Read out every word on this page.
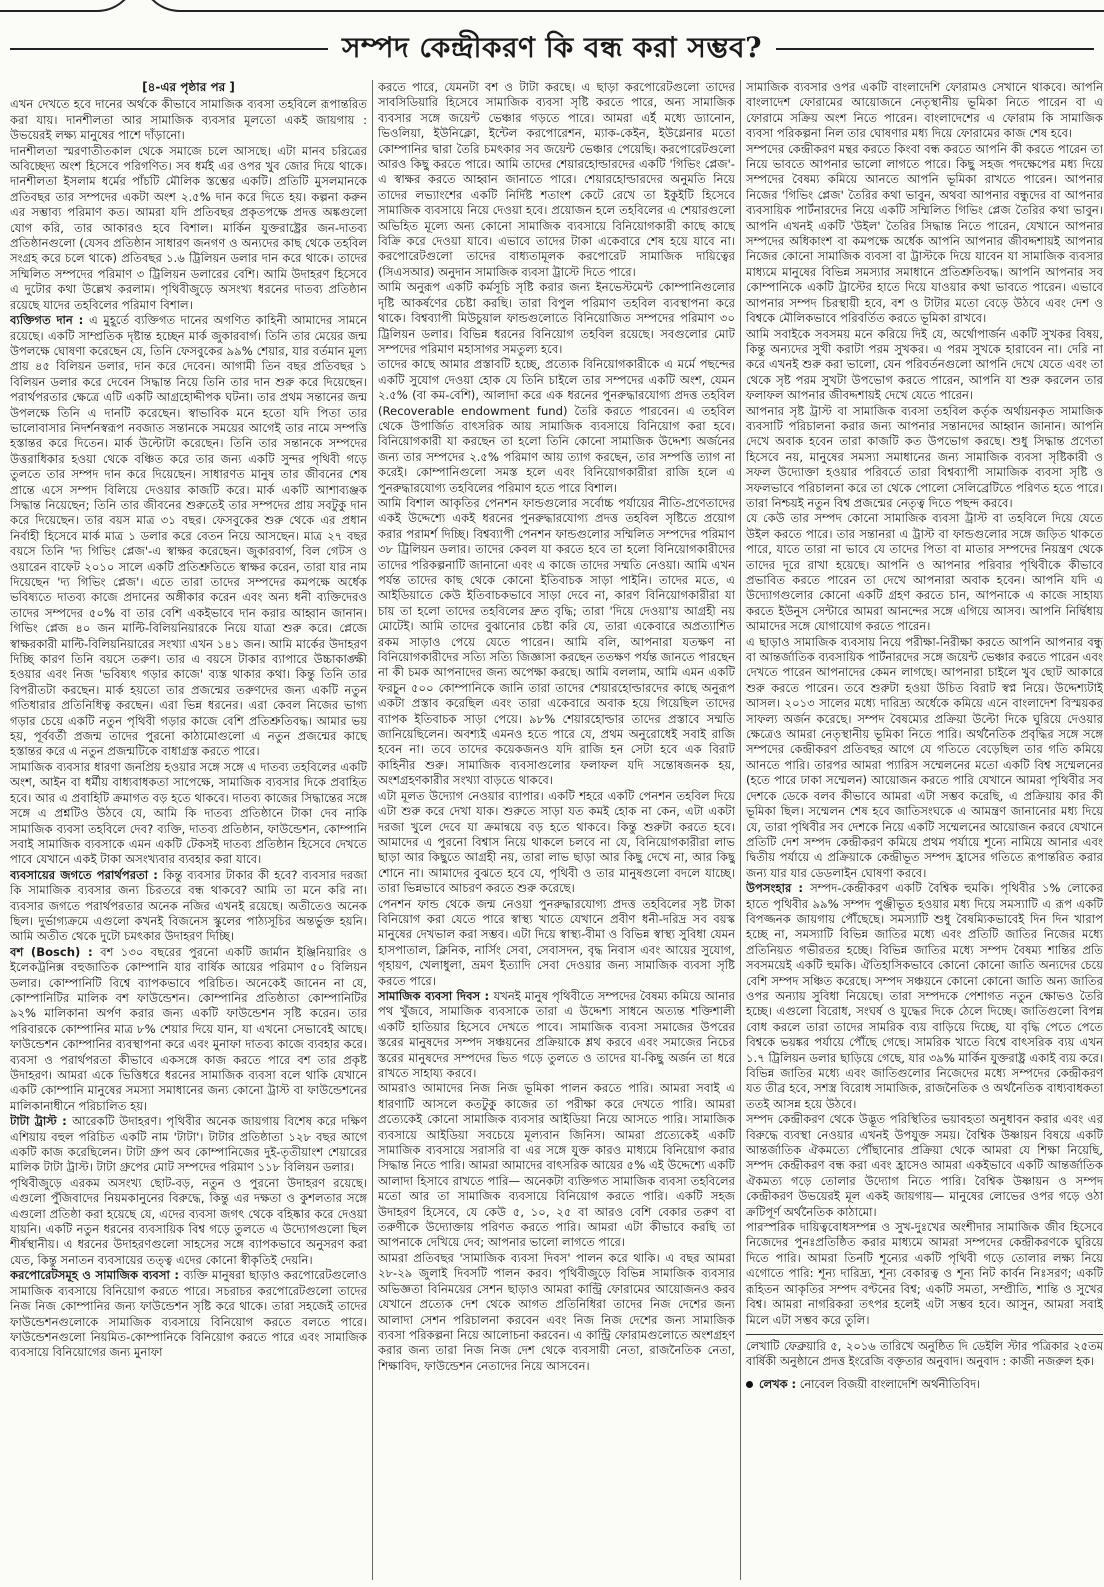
সম্পদ কেন্দ্রীকরণ কি বন্ধ করা সম্ভব?
[৪-এর পৃষ্ঠার পর ]

এখন দেখতে হবে দানের অর্থকে কীভাবে সামাজিক ব্যবসা তহবিলে রূপান্তরিত করা যায়। দানশীলতা আর সামাজিক ব্যবসার মূলতো একই জায়গায় : উভয়েরই লক্ষ্য মানুষের পাশে দাঁড়ানো।

দানশীলতা স্মরণাতীতকাল থেকে সমাজে চলে আসছে। এটা মানব চরিত্রের অবিচ্ছেদ্য অংশ হিসেবে পরিগণিত। সব ধর্মই এর ওপর খুব জোর দিয়ে থাকে। দানশীলতা ইসলাম ধর্মের পাঁচটি মৌলিক স্তম্ভের একটি। প্রতিটি মুসলমানকে প্রতিবছর তার সম্পদের একটা অংশ ২.৫% দান করে দিতে হয়। কল্পনা করুন এর সম্ভাব্য পরিমাণ কত। আমরা যদি প্রতিবছর প্রকৃতপক্ষে প্রদত্ত অঙ্কগুলো যোগ করি, তার আকারও হবে বিশাল। মার্কিন যুক্তরাষ্ট্রের জন-দাতব্য প্রতিষ্ঠানগুলো (যেসব প্রতিষ্ঠান সাধারণ জনগণ ও অন্যদের কাছ থেকে তহবিল সংগ্রহ করে চলে থাকে) প্রতিবছর ১.৬ ট্রিলিয়ন ডলার দান করে থাকে। তাদের সম্মিলিত সম্পদের পরিমাণ ৩ ট্রিলিয়ন ডলারের বেশি। আমি উদাহরণ হিসেবে এ দুটোর কথা উল্লেখ করলাম। পৃথিবীজুড়ে অসংখ্য ধরনের দাতব্য প্রতিষ্ঠান রয়েছে যাদের তহবিলের পরিমাণ বিশাল।

ব্যক্তিগত দান : এ মুহূর্তে ব্যক্তিগত দানের অগণিত কাহিনী আমাদের সামনে রয়েছে। একটি সাম্প্রতিক দৃষ্টান্ত হচ্ছেন মার্ক জুকারবার্গ। তিনি তার মেয়ের জন্ম উপলক্ষে ঘোষণা করেছেন যে, তিনি ফেসবুকের ৯৯% শেয়ার, যার বর্তমান মূল্য প্রায় ৪৫ বিলিয়ন ডলার, দান করে দেবেন। আগামী তিন বছর প্রতিবছর ১ বিলিয়ন ডলার করে দেবেন সিদ্ধান্ত নিয়ে তিনি তার দান শুরু করে দিয়েছেন। পরার্থপরতার ক্ষেত্রে এটি একটি আগ্রহোদ্দীপক ঘটনা। তার প্রথম সন্তানের জন্ম উপলক্ষে তিনি এ দানটি করেছেন। স্বাভাবিক মনে হতো যদি পিতা তার ভালোবাসার নিদর্শনস্বরূপ নবজাত সন্তানকে সময়ের আগেই তার নামে সম্পত্তি হস্তান্তর করে দিতেন। মার্ক উল্টোটা করেছেন। তিনি তার সন্তানকে সম্পদের উত্তরাধিকার হওয়া থেকে বঞ্চিত করে তার জন্য একটি সুন্দর পৃথিবী গড়ে তুলতে তার সম্পদ দান করে দিয়েছেন। সাধারণত মানুষ তার জীবনের শেষ প্রান্তে এসে সম্পদ বিলিয়ে দেওয়ার কাজটি করে। মার্ক একটি আশাব্যঞ্জক সিদ্ধান্ত নিয়েছেন; তিনি তার জীবনের শুরুতেই তার সম্পদের প্রায় সবটুকু দান করে দিয়েছেন। তার বয়স মাত্র ৩১ বছর। ফেসবুকের শুরু থেকে এর প্রধান নির্বাহী হিসেবে মার্ক মাত্র ১ ডলার করে বেতন নিয়ে আসছেন। মাত্র ২৭ বছর বয়সে তিনি 'দ্য গিভিং প্লেজ'-এ স্বাক্ষর করেছেন। জুকারবার্গ, বিল গেটস ও ওয়ারেন বাফেট ২০১০ সালে একটি প্রতিশ্রুতিতে স্বাক্ষর করেন, তারা যার নাম দিয়েছেন 'দ্য গিভিং প্লেজ'। এতে তারা তাদের সম্পদের কমপক্ষে অর্ধেক ভবিষ্যতে দাতব্য কাজে প্রদানের অঙ্গীকার করেন এবং অন্য ধনী ব্যক্তিদেরও তাদের সম্পদের ৫০% বা তার বেশি একইভাবে দান করার আহ্বান জানান। গিভিং প্লেজ ৪০ জন মাল্টি-বিলিয়নিয়ারকে নিয়ে যাত্রা শুরু করে। প্লেজে স্বাক্ষরকারী মাল্টি-বিলিয়নিয়ারের সংখ্যা এখন ১৪১ জন। আমি মার্কের উদাহরণ দিচ্ছি কারণ তিনি বয়সে তরুণ। তার এ বয়সে টাকার ব্যাপারে উচ্চাকাঙ্ক্ষী হওয়ার এবং নিজ 'ভবিষ্যৎ গড়ার কাজে' ব্যস্ত থাকার কথা। কিন্তু তিনি তার বিপরীতটা করছেন। মার্ক হয়তো তার প্রজন্মের তরুণদের জন্য একটি নতুন গতিধারার প্রতিনিধিত্ব করছেন। এরা ভিন্ন ধরনের। এরা কেবল নিজের ভাগ্য গড়ার চেয়ে একটি নতুন পৃথিবী গড়ার কাজে বেশি প্রতিশ্রুতিবদ্ধ। আমার ভয় হয়, পূর্ববর্তী প্রজন্ম তাদের পুরনো কাঠামোগুলো এ নতুন প্রজন্মের কাছে হস্তান্তর করে এ নতুন প্রজন্মটিকে বাধাগ্রস্ত করতে পারে।

সামাজিক ব্যবসার ধারণা জনপ্রিয় হওয়ার সঙ্গে সঙ্গে এ দাতব্য তহবিলের একটি অংশ, আইন বা ধর্মীয় বাধ্যবাধকতা সাপেক্ষে, সামাজিক ব্যবসার দিকে প্রবাহিত হবে। আর এ প্রবাহিটি ক্রমাগত বড় হতে থাকবে। দাতব্য কাজের সিদ্ধান্তের সঙ্গে সঙ্গে এ প্রশ্নটিও উঠবে যে, আমি কি দাতব্য প্রতিষ্ঠানে টাকা দেব নাকি সামাজিক ব্যবসা তহবিলে দেব? ব্যক্তি, দাতব্য প্রতিষ্ঠান, ফাউন্ডেশন, কোম্পানি সবাই সামাজিক ব্যবসাকে এমন একটি টেকসই দাতব্য প্রতিষ্ঠান হিসেবে দেখতে পাবে যেখানে একই টাকা অসংখ্যবার ব্যবহার করা যাবে।

ব্যবসায়ের জগতে পরার্থপরতা : কিন্তু ব্যবসার টাকার কী হবে? ব্যবসার দরজা কি সামাজিক ব্যবসার জন্য চিরতরে বন্ধ থাকবে? আমি তা মনে করি না। ব্যবসার জগতে পরার্থপরতার অনেক নজির এখনই রয়েছে। অতীতেও অনেক ছিল। দুর্ভাগ্যক্রমে এগুলো কখনই বিজনেস স্কুলের পাঠ্যসূচির অন্তর্ভুক্ত হয়নি। আমি অতীত থেকে দুটো চমৎকার উদাহরণ দিচ্ছি।

বশ (Bosch) : বশ ১৩০ বছরের পুরনো একটি জার্মান ইঞ্জিনিয়ারিং ও ইলেকট্রনিক্স বহুজাতিক কোম্পানি যার বার্ষিক আয়ের পরিমাণ ৫০ বিলিয়ন ডলার। কোম্পানিটি বিশ্বে ব্যাপকভাবে পরিচিত। অনেকেই জানেন না যে, কোম্পানিটির মালিক বশ ফাউন্ডেশন। কোম্পানির প্রতিষ্ঠাতা কোম্পানিটির ৯২% মালিকানা অর্পণ করার জন্য একটি ফাউন্ডেশন সৃষ্টি করেন। তার পরিবারকে কোম্পানির মাত্র ৮% শেয়ার দিয়ে যান, যা এখনো সেভাবেই আছে। ফাউন্ডেশন কোম্পানির ব্যবস্থাপনা করে এবং মুনাফা দাতব্য কাজে ব্যবহার করে। ব্যবসা ও পরার্থপরতা কীভাবে একসঙ্গে কাজ করতে পারে বশ তার প্রকৃষ্ট উদাহরণ। আমরা একে ভিত্তিধরে ধরনের সামাজিক ব্যবসা বলে থাকি যেখানে একটি কোম্পানি মানুষের সমস্যা সমাধানের জন্য কোনো ট্রাস্ট বা ফাউন্ডেশনের মালিকানাধীনে পরিচালিত হয়।

টাটা ট্রাস্ট : আরেকটি উদাহরণ। পৃথিবীর অনেক জায়গায় বিশেষ করে দক্ষিণ এশিয়ায় বহুল পরিচিত একটি নাম 'টাটা'। টাটার প্রতিষ্ঠাতা ১২৮ বছর আগে একটি কাজ করেছিলেন। টাটা গ্রুপ অব কোম্পানিজের দুই-তৃতীয়াংশ শেয়ারের মালিক টাটা ট্রাস্ট। টাটা গ্রুপের মোট সম্পদের পরিমাণ ১১৮ বিলিয়ন ডলার।

পৃথিবীজুড়ে এরকম অসংখ্য ছোট-বড়, নতুন ও পুরনো উদাহরণ রয়েছে। এগুলো পুঁজিবাদের নিয়মকানুনের বিরুদ্ধে, কিন্তু এর দক্ষতা ও কুশলতার সঙ্গে এগুলো প্রতিষ্ঠা করা হয়েছে যে, এদের ব্যবসা জগৎ থেকে বহিষ্কার করে দেওয়া যায়নি। একটি নতুন ধরনের ব্যবসায়িক বিশ্ব গড়ে তুলতে এ উদ্যোগগুলো ছিল শীর্ষস্থানীয়। এ ধরনের উদাহরণগুলো সাহসের সঙ্গে ব্যাপকভাবে অনুসরণ করা যেত, কিন্তু সনাতন ব্যবসায়ের তত্ত্ব এদের কোনো স্বীকৃতিই দেয়নি।

করপোরেটসমূহ ও সামাজিক ব্যবসা : ব্যক্তি মানুষরা ছাড়াও করপোরেটগুলোও সামাজিক ব্যবসায়ে বিনিয়োগ করতে পারে। সচরাচর করপোরেটগুলো তাদের নিজ নিজ কোম্পানির জন্য ফাউন্ডেশন সৃষ্টি করে থাকে। তারা সহজেই তাদের ফাউন্ডেশনগুলোকে সামাজিক ব্যবসায়ে বিনিয়োগ করতে বলতে পারে। ফাউন্ডেশনগুলো নিয়মিত-কোম্পানিকে বিনিয়োগ করতে পারে এবং সামাজিক ব্যবসায়ে বিনিয়োগের জন্য মুনাফা

করতে পারে, যেমনটা বশ ও টাটা করছে। এ ছাড়া করপোরেটগুলো তাদের সাবসিডিয়ারি হিসেবে সামাজিক ব্যবসা সৃষ্টি করতে পারে, অন্য সামাজিক ব্যবসার সঙ্গে জয়েন্ট ভেঞ্চার গড়তে পারে। আমরা এর্ই মধ্যে ড্যানোন, ভিওলিয়া, ইউনিক্লো, ইন্টেল করপোরেশন, ম্যাক-কেইন, ইউগ্লেনার মতো কোম্পানির দ্বারা তৈরি চমৎকার সব জয়েন্ট ভেঞ্চার পেয়েছি। করপোরেটগুলো আরও কিছু করতে পারে। আমি তাদের শেয়ারহোল্ডারদের একটি 'গিভিং প্লেজ'-এ স্বাক্ষর করতে আহ্বান জানাতে পারে। শেয়ারহোল্ডারদের অনুমতি নিয়ে তাদের লভ্যাংশের একটি নির্দিষ্ট শতাংশ কেটে রেখে তা ইকুইটি হিসেবে সামাজিক ব্যবসায়ে নিয়ে দেওয়া হবে। প্রয়োজন হলে তহবিলের এ শেয়ারগুলো অভিহিত মূল্যে অন্য কোনো সামাজিক ব্যবসায়ে বিনিয়োগকারী কাছে কাছে বিক্রি করে দেওয়া যাবে। এভাবে তাদের টাকা একেবারে শেষ হয়ে যাবে না। করপোরেটগুলো তাদের বাধ্যতামূলক করপোরেট সামাজিক দায়িত্বের (সিএসআর) অনুদান সামাজিক ব্যবসা ট্রাস্টে দিতে পারে।

আমি অনুরূপ একটি কর্মসূচি সৃষ্টি করার জন্য ইনভেস্টমেন্ট কোম্পানিগুলোর দৃষ্টি আকর্ষণের চেষ্টা করছি। তারা বিপুল পরিমাণ তহবিল ব্যবস্থাপনা করে থাকে। বিশ্বব্যাপী মিউচুয়াল ফান্ডগুলোতে বিনিয়োজিত সম্পদের পরিমাণ ৩০ ট্রিলিয়ন ডলার। বিভিন্ন ধরনের বিনিয়োগ তহবিল রয়েছে। সবগুলোর মোট সম্পদের পরিমাণ মহাসাগর সমতুল্য হবে।

তাদের কাছে আমার প্রস্তাবটি হচ্ছে, প্রত্যেক বিনিয়োগকারীকে এ মর্মে পছন্দের একটি সুযোগ দেওয়া হোক যে তিনি চাইলে তার সম্পদের একটি অংশ, যেমন ২.৫% (বা কম-বেশি), আলাদা করে এক ধরনের পুনরুদ্ধারযোগ্য প্রদত্ত তহবিল (Recoverable endowment fund) তৈরি করতে পারবেন। এ তহবিল থেকে উপার্জিত বাৎসরিক আয় সামাজিক ব্যবসায়ে বিনিয়োগ করা হবে। বিনিয়োগকারী যা করছেন তা হলো তিনি কোনো সামাজিক উদ্দেশ্য অর্জনের জন্য তার সম্পদের ২.৫% পরিমাণ আয় ত্যাগ করছেন, তার সম্পত্তি ত্যাগ না করেই। কোম্পানিগুলো সমস্ত হলে এবং বিনিয়োগকারীরা রাজি হলে এ পুনরুদ্ধারযোগ্য তহবিলের পরিমাণ হতে পারে বিশাল।

আমি বিশাল আকৃতির পেনশন ফান্ডগুলোর সর্বোচ্চ পর্যায়ের নীতি-প্রণেতাদের একই উদ্দেশ্যে একই ধরনের পুনরুদ্ধারযোগ্য প্রদত্ত তহবিল সৃষ্টিতে প্রয়োগ করার পরামর্শ দিচ্ছি। বিশ্বব্যাপী পেনশন ফান্ডগুলোর সম্মিলিত সম্পদের পরিমাণ ৩৮ ট্রিলিয়ন ডলার। তাদের কেবল যা করতে হবে তা হলো বিনিয়োগকারীদের তাদের পরিকল্পনাটি জানানো এবং এ কাজে তাদের সম্মতি নেওয়া। আমি এখন পর্যন্ত তাদের কাছ থেকে কোনো ইতিবাচক সাড়া পাইনি। তাদের মতে, এ আইডিয়াতে কেউ ইতিবাচকভাবে সাড়া দেবে না, কারণ বিনিয়োগকারীরা যা চায় তা হলো তাদের তহবিলের দ্রুত বৃদ্ধি; তারা 'দিয়ে দেওয়া'য় আগ্রহী নয় মোটেই। আমি তাদের বুঝানোর চেষ্টা করি যে, তারা একেবারে অপ্রত্যাশিত রকম সাড়াও পেয়ে যেতে পারেন। আমি বলি, আপনারা যতক্ষণ না বিনিয়োগকারীদের সত্যি সত্যি জিজ্ঞাসা করছেন ততক্ষণ পর্যন্ত জানতে পারছেন না কী চমক আপনাদের জন্য অপেক্ষা করছে। আমি বললাম, আমি এমন একটি ফরচুন ৫০০ কোম্পানিকে জানি তারা তাদের শেয়ারহোল্ডারদের কাছে অনুরূপ একটা প্রস্তাব করেছিল এবং তারা একেবারে অবাক হয়ে গিয়েছিল তাদের ব্যাপক ইতিবাচক সাড়া পেয়ে। ৯৮% শেয়ারহোল্ডার তাদের প্রস্তাবে সম্মতি জানিয়েছিলেন। অবশ্যই এমনও হতে পারে যে, প্রথম অনুরোধেই সবাই রাজি হবেন না। তবে তাদের কয়েকজনও যদি রাজি হন সেটা হবে এক বিরাট কাহিনীর শুরু। সামাজিক ব্যবসাগুলোর ফলাফল যদি সন্তোষজনক হয়, অংশগ্রহণকারীর সংখ্যা বাড়তে থাকবে।

এটা মূলত উদ্যোগ নেওয়ার ব্যাপার। একটি শহরে একটি পেনশন তহবিল দিয়ে এটা শুরু করে দেখা যাক। শুরুতে সাড়া যত কমই হোক না কেন, এটা একটা দরজা খুলে দেবে যা ক্রমান্বয়ে বড় হতে থাকবে। কিন্তু শুরুটা করতে হবে। আমাদের এ পুরনো বিশ্বাস নিয়ে থাকলে চলবে না যে, বিনিয়োগকারীরা লাভ ছাড়া আর কিছুতে আগ্রহী নয়, তারা লাভ ছাড়া আর কিছু দেখে না, আর কিছু শোনে না। আমাদের বুঝতে হবে যে, পৃথিবী ও তার মানুষগুলো বদলে যাচ্ছে। তারা ভিন্নভাবে আচরণ করতে শুরু করেছে।

পেনশন ফান্ড থেকে জন্ম নেওয়া পুনরুদ্ধারযোগ্য প্রদত্ত তহবিলের সৃষ্ট টাকা বিনিয়োগ করা যেতে পারে স্বাস্থ্য খাতে যেখানে প্রবীণ ধনী-দরিদ্র সব বয়স্ক মানুষের দেখভাল করা সম্ভব। এটা দিয়ে স্বাস্থ্য-বীমা ও বিভিন্ন স্বাস্থ্য সুবিধা যেমন হাসপাতাল, ক্লিনিক, নার্সিং সেবা, সেবাসদন, বৃদ্ধ নিবাস এবং আয়ের সুযোগ, গৃহায়ণ, খেলাধুলা, ভ্রমণ ইত্যাদি সেবা দেওয়ার জন্য সামাজিক ব্যবসা সৃষ্টি করতে পারে।

সামাজিক ব্যবসা দিবস : যখনই মানুষ পৃথিবীতে সম্পদের বৈষম্য কমিয়ে আনার পথ খুঁজবে, সামাজিক ব্যবসাকে তারা এ উদ্দেশ্য সাধনে অত্যন্ত শক্তিশালী একটি হাতিয়ার হিসেবে দেখতে পাবে। সামাজিক ব্যবসা সমাজের উপরের স্তরের মানুষদের সম্পদ সঞ্চয়নের প্রক্রিয়াকে শ্লথ করবে এবং সমাজের নিচের স্তরের মানুষদের সম্পদের ভিত গড়ে তুলতে ও তাদের যা-কিছু অর্জন তা ধরে রাখতে সাহায্য করবে।

আমরাও আমাদের নিজ নিজ ভূমিকা পালন করতে পারি। আমরা সবাই এ ধারণাটি আসলে কতটুকু কাজের তা পরীক্ষা করে দেখতে পারি। আমরা প্রত্যেকেই কোনো সামাজিক ব্যবসার আইডিয়া নিয়ে আসতে পারি। সামাজিক ব্যবসায়ে আইডিয়া সবচেয়ে মূল্যবান জিনিস। আমরা প্রত্যেকেই একটি সামাজিক ব্যবসায়ে সরাসরি বা এর সঙ্গে যুক্ত কারও মাধ্যমে বিনিয়োগ করার সিদ্ধান্ত নিতে পারি। আমরা আমাদের বাৎসরিক আয়ের ৫% এই উদ্দেশ্যে একটি আলাদা হিসাবে রাখতে পারি— অনেকটা ব্যক্তিগত সামাজিক ব্যবসা তহবিলের মতো আর তা সামাজিক ব্যবসায়ে বিনিয়োগ করতে পারি। একটি সহজ উদাহরণ হিসেবে, যে কেউ ৫, ১০, ২৫ বা আরও বেশি বেকার তরুণ বা তরুণীকে উদ্যোক্তায় পরিণত করতে পারি। আমরা এটা কীভাবে করছি তা আপনাকে দেখিয়ে দেব; আপনার ভালো লাগতে পারে।

আমরা প্রতিবছর 'সামাজিক ব্যবসা দিবস' পালন করে থাকি। এ বছর আমরা ২৮-২৯ জুলাই দিবসটি পালন করব। পৃথিবীজুড়ে বিভিন্ন সামাজিক ব্যবসার অভিজ্ঞতা বিনিময়ের সেশন ছাড়াও আমরা কান্ট্রি ফোরামের আয়োজনও করব যেখানে প্রত্যেক দেশ থেকে আগত প্রতিনিধিরা তাদের নিজ দেশের জন্য আলাদা সেশন পরিচালনা করবেন এবং নিজ নিজ দেশের জন্য সামাজিক ব্যবসা পরিকল্পনা নিয়ে আলোচনা করবেন। এ কান্ট্রি ফোরামগুলোতে অংশগ্রহণ করার জন্য তারা নিজ নিজ দেশ থেকে ব্যবসায়ী নেতা, রাজনৈতিক নেতা, শিক্ষাবিদ, ফাউন্ডেশন নেতাদের নিয়ে আসবেন।

সামাজিক ব্যবসার ওপর একটি বাংলাদেশি ফোরামও সেখানে থাকবে। আপনি বাংলাদেশ ফোরামের আয়োজনে নেতৃস্থানীয় ভূমিকা নিতে পারেন বা এ ফোরামে সক্রিয় অংশ নিতে পারেন। বাংলাদেশের এ ফোরাম কি সামাজিক ব্যবসা পরিকল্পনা নিল তার ঘোষণার মধ্য দিয়ে ফোরামের কাজ শেষ হবে।

সম্পদের কেন্দ্রীকরণ মন্থর করতে কিংবা বন্ধ করতে আপনি কী করতে পারেন তা নিয়ে ভাবতে আপনার ভালো লাগতে পারে। কিছু সহজ পদক্ষেপের মধ্য দিয়ে সম্পদের বৈষম্য কমিয়ে আনতে আপনি ভূমিকা রাখতে পারেন। আপনার নিজের 'গিভিং প্লেজ' তৈরির কথা ভাবুন, অথবা আপনার বন্ধুদের বা আপনার ব্যবসায়িক পার্টনারদের নিয়ে একটি সম্মিলিত গিভিং প্লেজ তৈরির কথা ভাবুন। আপনি এখনই একটি 'উইল' তৈরির সিদ্ধান্ত নিতে পারেন, যেখানে আপনার সম্পদের অধিকাংশ বা কমপক্ষে অর্ধেক আপনি আপনার জীবদ্দশায়ই আপনার নিজের কোনো সামাজিক ব্যবসা বা ট্রাস্টকে দিয়ে যাবেন যা সামাজিক ব্যবসার মাধ্যমে মানুষের বিভিন্ন সমস্যার সমাধানে প্রতিশ্রুতিবদ্ধ। আপনি আপনার সব কোম্পানিকে একটি ট্রাস্টের হাতে দিয়ে যাওয়ার কথা ভাবতে পারেন। এভাবে আপনার সম্পদ চিরস্থায়ী হবে, বশ ও টাটার মতো বেড়ে উঠবে এবং দেশ ও বিশ্বকে মৌলিকভাবে পরিবর্তিত করতে ভূমিকা রাখবে।

আমি সবাইকে সবসময় মনে করিয়ে দিই যে, অর্থোপার্জন একটি সুখকর বিষয়, কিন্তু অন্যদের সুখী করাটা পরম সুখকর। এ পরম সুখকে হারাবেন না। দেরি না করে এখনই শুরু করা ভালো, যেন পরিবর্তনগুলো আপনি দেখে যেতে এবং তা থেকে সৃষ্ট পরম সুখটা উপভোগ করতে পারেন, আপনি যা শুরু করলেন তার ফলাফল আপনার জীবদ্দশায়ই দেখে যেতে পারেন।

আপনার সৃষ্ট ট্রাস্ট বা সামাজিক ব্যবসা তহবিল কর্তৃক অর্থায়নকৃত সামাজিক ব্যবসাটি পরিচালনা করার জন্য আপনার সন্তানদের আহ্বান জানান। আপনি দেখে অবাক হবেন তারা কাজটি কত উপভোগ করছে। শুধু সিদ্ধান্ত প্রণেতা হিসেবে নয়, মানুষের সমস্যা সমাধানের জন্য সামাজিক ব্যবসা সৃষ্টিকারী ও সফল উদ্যোক্তা হওয়ার পরিবর্তে তারা বিশ্বব্যাপী সামাজিক ব্যবসা সৃষ্টি ও সফলভাবে পরিচালনা করে তা থেকে পোলো সেলিব্রেটিতে পরিণত হতে পারে। তারা নিশ্চয়ই নতুন বিশ্ব প্রজন্মের নেতৃত্ব দিতে পছন্দ করবে।

যে কেউ তার সম্পদ কোনো সামাজিক ব্যবসা ট্রাস্ট বা তহবিলে দিয়ে যেতে উইল করতে পারে। তার সন্তানরা এ ট্রাস্ট বা ফান্ডগুলোর সঙ্গে জড়িত থাকতে পারে, যাতে তারা না ভাবে যে তাদের পিতা বা মাতার সম্পদের নিয়ন্ত্রণ থেকে তাদের দূরে রাখা হয়েছে। আপনি ও আপনার পরিবার পৃথিবীকে কীভাবে প্রভাবিত করতে পারেন তা দেখে আপনারা অবাক হবেন। আপনি যদি এ উদ্যোগগুলোর কোনো একটি গ্রহণ করতে চান, আপনাকে এ কাজে সাহায্য করতে ইউনুস সেন্টারে আমরা আনন্দের সঙ্গে এগিয়ে আসব। আপনি নির্দ্বিধায় আমাদের সঙ্গে যোগাযোগ করতে পারেন।

এ ছাড়াও সামাজিক ব্যবসায় নিয়ে পরীক্ষা-নিরীক্ষা করতে আপনি আপনার বন্ধু বা আন্তর্জাতিক ব্যবসায়িক পার্টনারদের সঙ্গে জয়েন্ট ভেঞ্চার করতে পারেন এবং দেখতে পারেন আপনাদের কেমন লাগছে। আপনারা চাইলে খুব ছোট আকারে শুরু করতে পারেন। তবে শুরুটা হওয়া উচিত বিরাট স্বপ্ন নিয়ে। উদ্দেশ্যটাই আসল। ২০১৩ সালের মধ্যে দারিদ্র্য অর্ধেকে কমিয়ে এনে বাংলাদেশ বিস্ময়কর সাফল্য অর্জন করেছে। সম্পদ বৈষম্যের প্রক্রিয়া উল্টো দিকে ঘুরিয়ে দেওয়ার ক্ষেত্রেও আমরা নেতৃস্থানীয় ভূমিকা নিতে পারি। অর্থনৈতিক প্রবৃদ্ধির সঙ্গে সঙ্গে সম্পদের কেন্দ্রীকরণ প্রতিবছর আগে যে গতিতে বেড়েছিল তার গতি কমিয়ে আনতে পারি। তারপর আমরা প্যারিস সম্মেলনের মতো একটি বিশ্ব সম্মেলনের (হতে পারে ঢাকা সম্মেলন) আয়োজন করতে পারি যেখানে আমরা পৃথিবীর সব দেশকে ডেকে বলব কীভাবে আমরা এটা সম্ভব করেছি, এ প্রক্রিয়ায় কার কী ভূমিকা ছিল। সম্মেলন শেষ হবে জাতিসংঘকে এ আমন্ত্রণ জানানোর মধ্য দিয়ে যে, তারা পৃথিবীর সব দেশকে নিয়ে একটি সম্মেলনের আয়োজন করবে যেখানে প্রতিটি দেশ সম্পদ কেন্দ্রীকরণ কমিয়ে প্রথম পর্যায়ে শূন্যে নামিয়ে আনার এবং দ্বিতীয় পর্যায়ে এ প্রক্রিয়াকে কেন্দ্রীভূত সম্পদ হ্রাসের গতিতে রূপান্তরিত করার জন্য যার যার ডেডলাইন ঘোষণা করবে।

উপসংহার : সম্পদ-কেন্দ্রীকরণ একটি বৈশ্বিক হুমকি। পৃথিবীর ১% লোকের হাতে পৃথিবীর ৯৯% সম্পদ পুঞ্জীভূত হওয়ার মধ্য দিয়ে সমস্যাটি এ রূপ একটি বিপজ্জনক জায়গায় পৌঁছেছে। সমস্যাটি শুধু বৈষম্যিকভাবেই দিন দিন খারাপ হচ্ছে না, সমস্যাটি বিভিন্ন জাতির মধ্যে এবং প্রতিটি জাতির নিজের মধ্যে প্রতিনিয়ত গভীরতর হচ্ছে। বিভিন্ন জাতির মধ্যে সম্পদ বৈষম্য শান্তির প্রতি সবসময়েই একটি হুমকি। ঐতিহাসিকভাবে কোনো কোনো জাতি অন্যদের চেয়ে বেশি সম্পদ সঞ্চিত করেছে। সম্পদ সঞ্চয়নে কোনো কোনো জাতি অন্য জাতির ওপর অন্যায় সুবিধা নিয়েছে। তারা সম্পদকে পেশাগত নতুন ক্ষোভও তৈরি হচ্ছে। এগুলো বিরোধ, সংঘর্ষ ও যুদ্ধের দিকে ঠেলে দিচ্ছে। জাতিগুলো বিপন্ন বোধ করলে তারা তাদের সামরিক ব্যয় বাড়িয়ে দিচ্ছে, যা বৃদ্ধি পেতে পেতে বিশ্বকে ভয়ঙ্কর পর্যায়ে পৌঁছে গেছে। সামরিক খাতে বিশ্বে বাৎসরিক ব্যয় এখন ১.৭ ট্রিলিয়ন ডলার ছাড়িয়ে গেছে, যার ৩৯% মার্কিন যুক্তরাষ্ট্র একাই ব্যয় করে। বিভিন্ন জাতির মধ্যে এবং জাতিগুলোর নিজেদের মধ্যে সম্পদের কেন্দ্রীকরণ যত তীব্র হবে, সশস্ত্র বিরোধ সামাজিক, রাজনৈতিক ও অর্থনৈতিক বাধ্যবাধকতা ততই আসন্ন হয়ে উঠবে।

সম্পদ কেন্দ্রীকরণ থেকে উদ্ভূত পরিস্থিতির ভয়াবহতা অনুধাবন করার এবং এর বিরুদ্ধে ব্যবস্থা নেওয়ার এখনই উপযুক্ত সময়। বৈশ্বিক উষ্ণায়ন বিষয়ে একটি আন্তর্জাতিক ঐকমত্যে পৌঁছানোর প্রক্রিয়া থেকে আমরা যে শিক্ষা নিয়েছি, সম্পদ কেন্দ্রীকরণ বন্ধ করা এবং হ্রাসেও আমরা একইভাবে একটি আন্তর্জাতিক ঐকমত্য গড়ে তোলার উদ্যোগ নিতে পারি। বৈশ্বিক উষ্ণায়ন ও সম্পদ কেন্দ্রীকরণ উভয়েরই মূল একই জায়গায়— মানুষের লোভের ওপর গড়ে ওঠা ক্রটিপূর্ণ অর্থনৈতিক কাঠামো।

পারস্পরিক দায়িত্ববোধসম্পন্ন ও সুখ-দুঃখের অংশীদার সামাজিক জীব হিসেবে নিজেদের পুনঃপ্রতিষ্ঠিত করার মাধ্যমে আমরা সম্পদের কেন্দ্রীকরণকে ঘুরিয়ে দিতে পারি। আমরা তিনটি শূন্যের একটি পৃথিবী গড়ে তোলার লক্ষ্য নিয়ে এগোতে পারি: শূন্য দারিদ্র্য, শূন্য বেকারত্ব ও শূন্য নিট কার্বন নিঃসরণ; একটি রূহিতন আকৃতির সম্পদ বণ্টনের বিশ্ব; একটি সমতা, সম্প্রীতি, শান্তি ও সুখের বিশ্ব। আমরা নাগরিকরা তৎপর হলেই এটা সম্ভব হবে। আসুন, আমরা সবাই মিলে এটা সম্ভব করে তুলি।

লেখাটি ফেব্রুয়ারি ৫, ২০১৬ তারিখে অনুষ্ঠিত দি ডেইলি স্টার পত্রিকার ২৫তম বার্ষিকী অনুষ্ঠানে প্রদত্ত ইংরেজি বক্তৃতার অনুবাদ। অনুবাদ : কাজী নজরুল হক।
লেখক : নোবেল বিজয়ী বাংলাদেশি অর্থনীতিবিদ।
